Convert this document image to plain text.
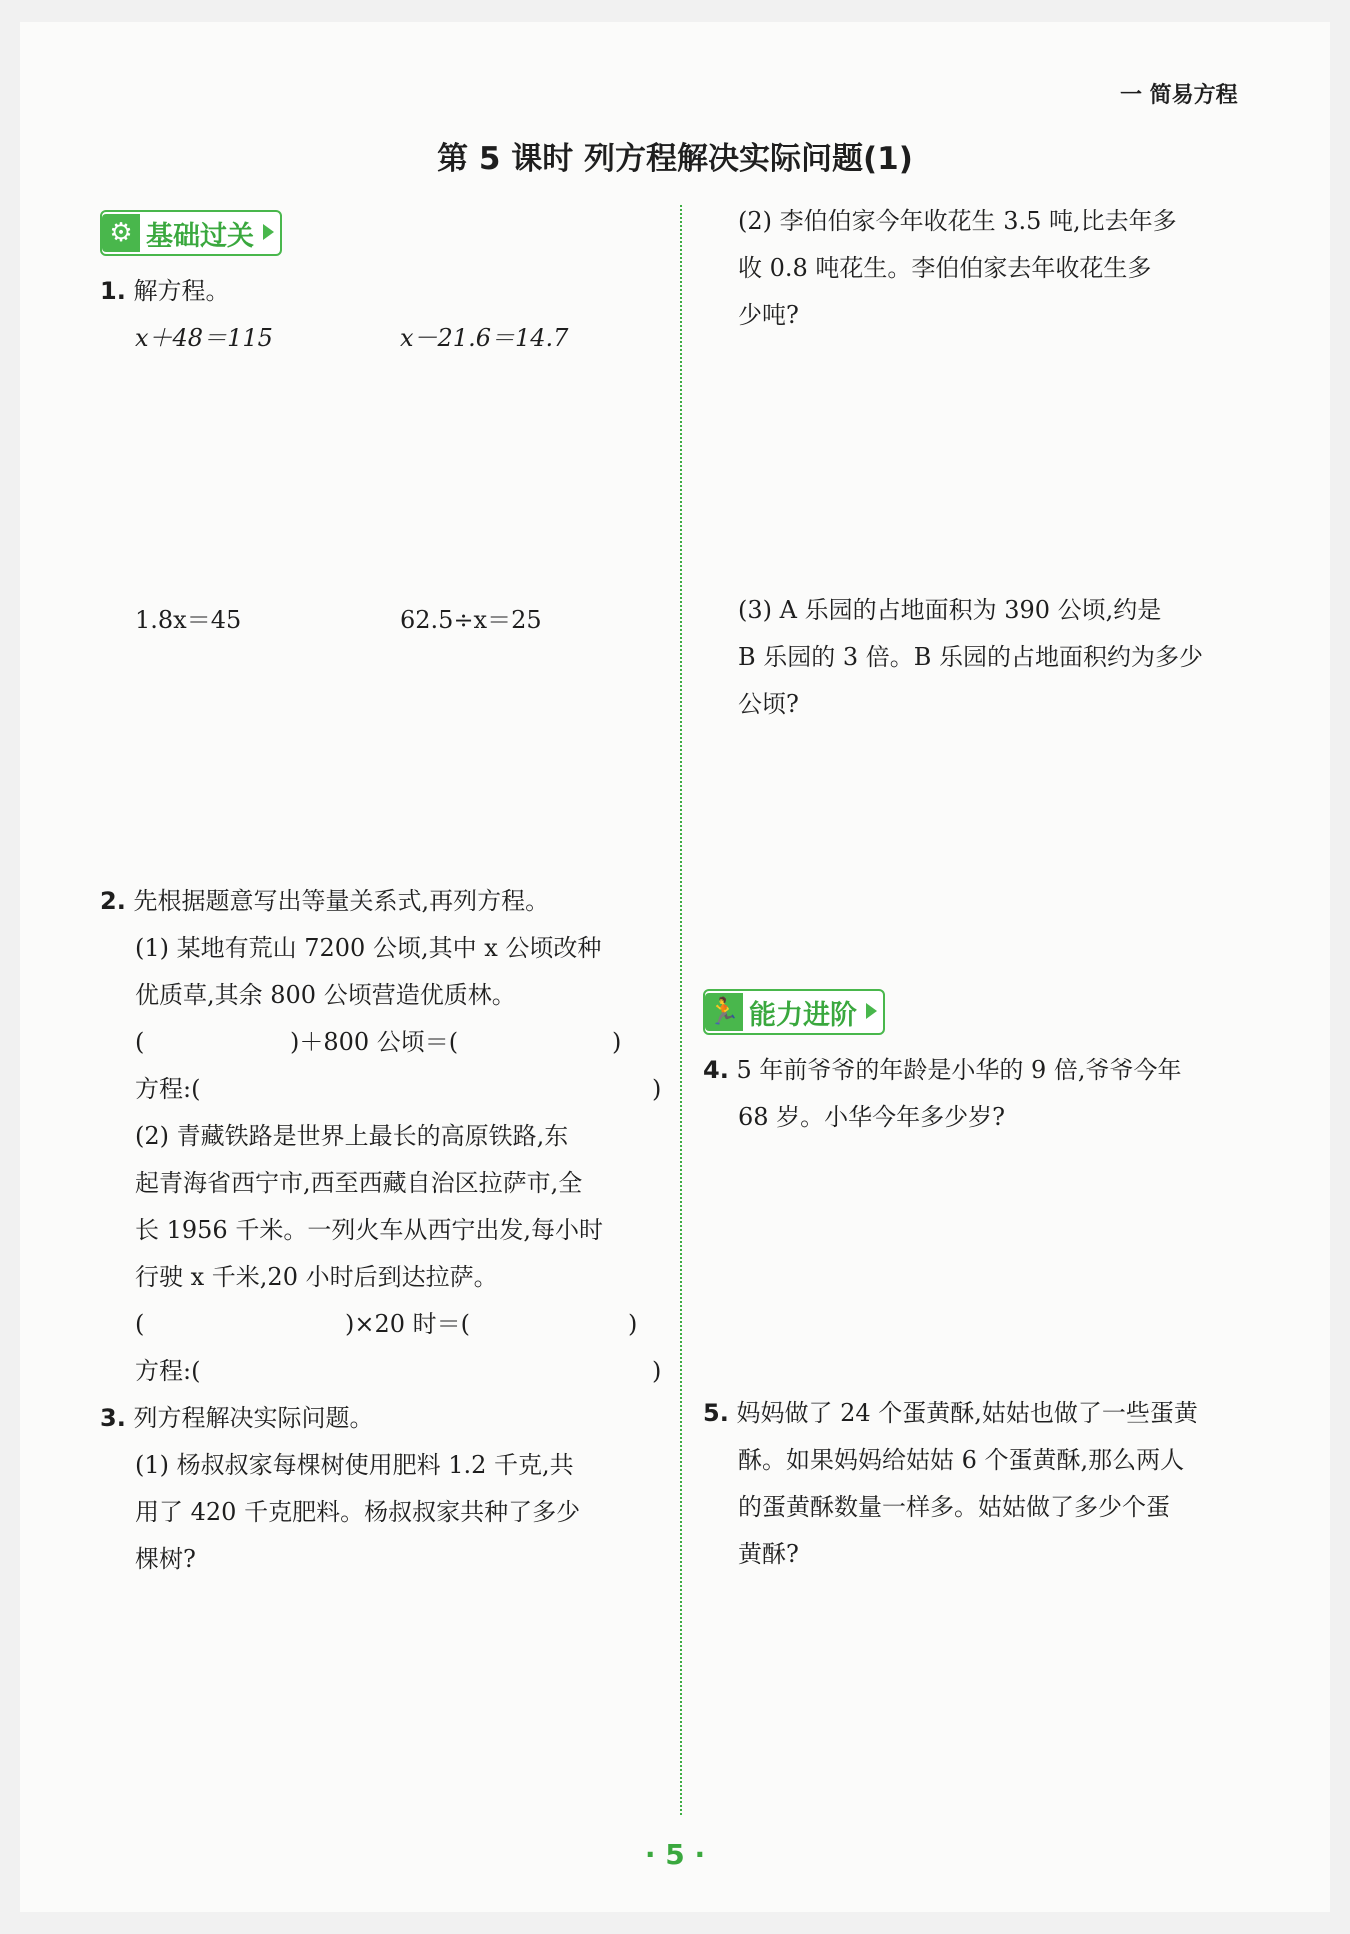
一 简易方程
第 5 课时 列方程解决实际问题(1)
⚙ 基础过关
1. 解方程。
x＋48＝115	x－21.6＝14.7
1.8x＝45	62.5÷x＝25
2. 先根据题意写出等量关系式,再列方程。
(1) 某地有荒山 7200 公顷,其中 x 公顷改种
优质草,其余 800 公顷营造优质林。
(	)＋800 公顷＝(	)
方程:(	)
(2) 青藏铁路是世界上最长的高原铁路,东
起青海省西宁市,西至西藏自治区拉萨市,全
长 1956 千米。一列火车从西宁出发,每小时
行驶 x 千米,20 小时后到达拉萨。
(	)×20 时＝(	)
方程:(	)
3. 列方程解决实际问题。
(1) 杨叔叔家每棵树使用肥料 1.2 千克,共
用了 420 千克肥料。杨叔叔家共种了多少
棵树?
(2) 李伯伯家今年收花生 3.5 吨,比去年多
收 0.8 吨花生。李伯伯家去年收花生多
少吨?
(3) A 乐园的占地面积为 390 公顷,约是
B 乐园的 3 倍。B 乐园的占地面积约为多少
公顷?
🏃 能力进阶
4. 5 年前爷爷的年龄是小华的 9 倍,爷爷今年
68 岁。小华今年多少岁?
5. 妈妈做了 24 个蛋黄酥,姑姑也做了一些蛋黄
酥。如果妈妈给姑姑 6 个蛋黄酥,那么两人
的蛋黄酥数量一样多。姑姑做了多少个蛋
黄酥?
· 5 ·
